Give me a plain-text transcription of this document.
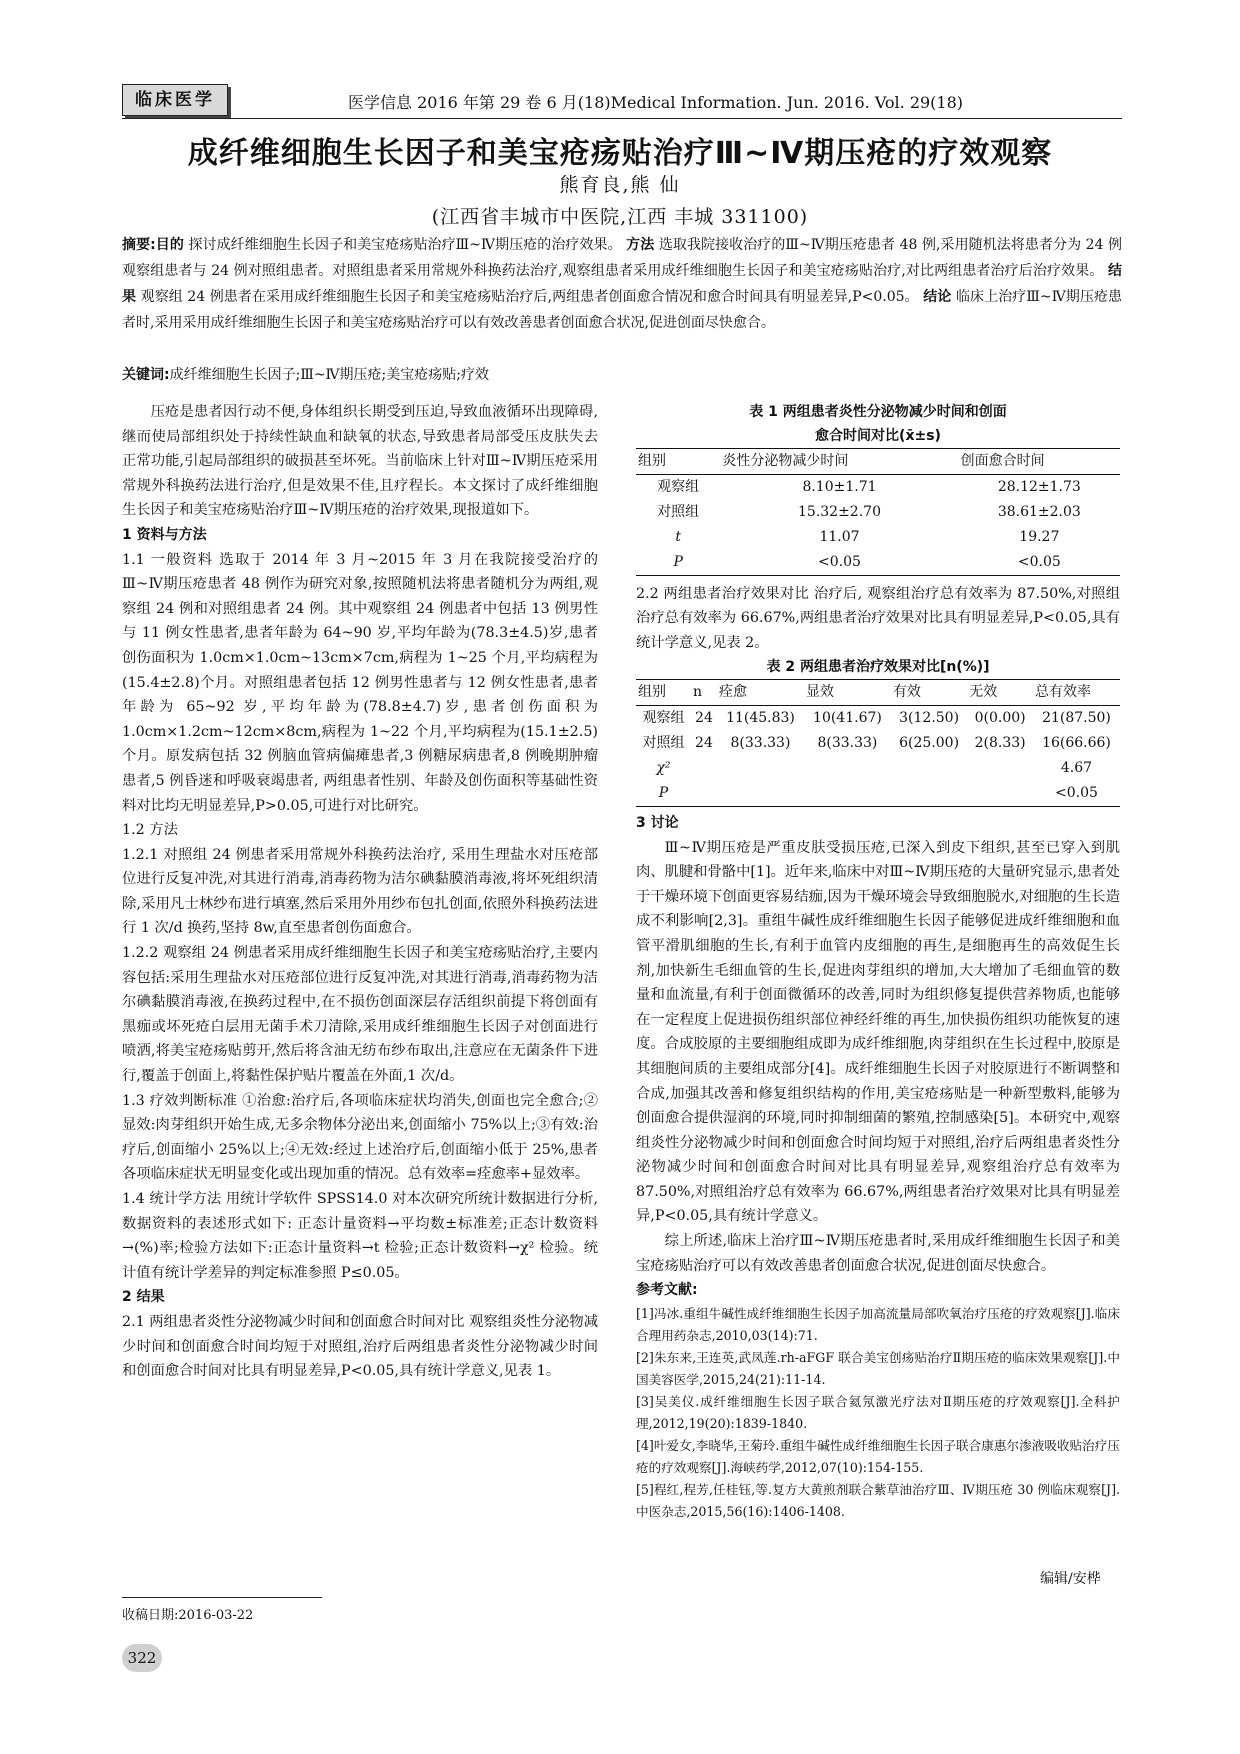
临床医学	医学信息 2016 年第 29 卷 6 月(18)Medical Information. Jun. 2016. Vol. 29(18)
成纤维细胞生长因子和美宝疮疡贴治疗Ⅲ~Ⅳ期压疮的疗效观察
熊育良,熊 仙
(江西省丰城市中医院,江西 丰城 331100)
摘要:目的 探讨成纤维细胞生长因子和美宝疮疡贴治疗Ⅲ~Ⅳ期压疮的治疗效果。 方法 选取我院接收治疗的Ⅲ~Ⅳ期压疮患者 48 例,采用随机法将患者分为 24 例观察组患者与 24 例对照组患者。对照组患者采用常规外科换药法治疗,观察组患者采用成纤维细胞生长因子和美宝疮疡贴治疗,对比两组患者治疗后治疗效果。 结果 观察组 24 例患者在采用成纤维细胞生长因子和美宝疮疡贴治疗后,两组患者创面愈合情况和愈合时间具有明显差异,P<0.05。 结论 临床上治疗Ⅲ~Ⅳ期压疮患者时,采用采用成纤维细胞生长因子和美宝疮疡贴治疗可以有效改善患者创面愈合状况,促进创面尽快愈合。
关键词:成纤维细胞生长因子;Ⅲ~Ⅳ期压疮;美宝疮疡贴;疗效

压疮是患者因行动不便,身体组织长期受到压迫,导致血液循环出现障碍,继而使局部组织处于持续性缺血和缺氧的状态,导致患者局部受压皮肤失去正常功能,引起局部组织的破损甚至坏死。当前临床上针对Ⅲ~Ⅳ期压疮采用常规外科换药法进行治疗,但是效果不佳,且疗程长。本文探讨了成纤维细胞生长因子和美宝疮疡贴治疗Ⅲ~Ⅳ期压疮的治疗效果,现报道如下。

1 资料与方法

1.1 一般资料 选取于 2014 年 3 月~2015 年 3 月在我院接受治疗的Ⅲ~Ⅳ期压疮患者 48 例作为研究对象,按照随机法将患者随机分为两组,观察组 24 例和对照组患者 24 例。其中观察组 24 例患者中包括 13 例男性与 11 例女性患者,患者年龄为 64~90 岁,平均年龄为(78.3±4.5)岁,患者创伤面积为 1.0cm×1.0cm~13cm×7cm,病程为 1~25 个月,平均病程为(15.4±2.8)个月。对照组患者包括 12 例男性患者与 12 例女性患者,患者年龄为 65~92 岁,平均年龄为(78.8±4.7)岁,患者创伤面积为 1.0cm×1.2cm~12cm×8cm,病程为 1~22 个月,平均病程为(15.1±2.5)个月。原发病包括 32 例脑血管病偏瘫患者,3 例糖尿病患者,8 例晚期肿瘤患者,5 例昏迷和呼吸衰竭患者, 两组患者性别、年龄及创伤面积等基础性资料对比均无明显差异,P>0.05,可进行对比研究。

1.2 方法

1.2.1 对照组 24 例患者采用常规外科换药法治疗, 采用生理盐水对压疮部位进行反复冲洗,对其进行消毒,消毒药物为洁尔碘黏膜消毒液,将坏死组织清除,采用凡士林纱布进行填塞,然后采用外用纱布包扎创面,依照外科换药法进行 1 次/d 换药,坚持 8w,直至患者创伤面愈合。

1.2.2 观察组 24 例患者采用成纤维细胞生长因子和美宝疮疡贴治疗,主要内容包括:采用生理盐水对压疮部位进行反复冲洗,对其进行消毒,消毒药物为洁尔碘黏膜消毒液,在换药过程中,在不损伤创面深层存活组织前提下将创面有黑痂或坏死疮白层用无菌手术刀清除,采用成纤维细胞生长因子对创面进行喷洒,将美宝疮疡贴剪开,然后将含油无纺布纱布取出,注意应在无菌条件下进行,覆盖于创面上,将黏性保护贴片覆盖在外面,1 次/d。

1.3 疗效判断标准 ①治愈:治疗后,各项临床症状均消失,创面也完全愈合;②显效:肉芽组织开始生成,无多余物体分泌出来,创面缩小 75%以上;③有效:治疗后,创面缩小 25%以上;④无效:经过上述治疗后,创面缩小低于 25%,患者各项临床症状无明显变化或出现加重的情况。总有效率=痊愈率+显效率。

1.4 统计学方法 用统计学软件 SPSS14.0 对本次研究所统计数据进行分析, 数据资料的表述形式如下: 正态计量资料→平均数±标准差;正态计数资料→(%)率;检验方法如下:正态计量资料→t 检验;正态计数资料→χ² 检验。统计值有统计学差异的判定标准参照 P≤0.05。

2 结果

2.1 两组患者炎性分泌物减少时间和创面愈合时间对比 观察组炎性分泌物减少时间和创面愈合时间均短于对照组,治疗后两组患者炎性分泌物减少时间和创面愈合时间对比具有明显差异,P<0.05,具有统计学意义,见表 1。

表 1 两组患者炎性分泌物减少时间和创面
愈合时间对比(x̄±s)
组别	炎性分泌物减少时间	创面愈合时间
观察组	8.10±1.71	28.12±1.73
对照组	15.32±2.70	38.61±2.03
t	11.07	19.27
P	<0.05	<0.05

2.2 两组患者治疗效果对比 治疗后, 观察组治疗总有效率为 87.50%,对照组治疗总有效率为 66.67%,两组患者治疗效果对比具有明显差异,P<0.05,具有统计学意义,见表 2。

表 2 两组患者治疗效果对比[n(%)]
组别	n	痊愈	显效	有效	无效	总有效率
观察组	24	11(45.83)	10(41.67)	3(12.50)	0(0.00)	21(87.50)
对照组	24	8(33.33)	8(33.33)	6(25.00)	2(8.33)	16(66.66)
χ²						4.67
P						<0.05

3 讨论

Ⅲ~Ⅳ期压疮是严重皮肤受损压疮,已深入到皮下组织,甚至已穿入到肌肉、肌腱和骨骼中[1]。近年来,临床中对Ⅲ~Ⅳ期压疮的大量研究显示,患者处于干燥环境下创面更容易结痂,因为干燥环境会导致细胞脱水,对细胞的生长造成不利影响[2,3]。重组牛碱性成纤维细胞生长因子能够促进成纤维细胞和血管平滑肌细胞的生长,有利于血管内皮细胞的再生,是细胞再生的高效促生长剂,加快新生毛细血管的生长,促进肉芽组织的增加,大大增加了毛细血管的数量和血流量,有利于创面微循环的改善,同时为组织修复提供营养物质,也能够在一定程度上促进损伤组织部位神经纤维的再生,加快损伤组织功能恢复的速度。合成胶原的主要细胞组成即为成纤维细胞,肉芽组织在生长过程中,胶原是其细胞间质的主要组成部分[4]。成纤维细胞生长因子对胶原进行不断调整和合成,加强其改善和修复组织结构的作用,美宝疮疡贴是一种新型敷料,能够为创面愈合提供湿润的环境,同时抑制细菌的繁殖,控制感染[5]。本研究中,观察组炎性分泌物减少时间和创面愈合时间均短于对照组,治疗后两组患者炎性分泌物减少时间和创面愈合时间对比具有明显差异,观察组治疗总有效率为 87.50%,对照组治疗总有效率为 66.67%,两组患者治疗效果对比具有明显差异,P<0.05,具有统计学意义。

综上所述,临床上治疗Ⅲ~Ⅳ期压疮患者时,采用成纤维细胞生长因子和美宝疮疡贴治疗可以有效改善患者创面愈合状况,促进创面尽快愈合。

参考文献:

[1]冯冰.重组牛碱性成纤维细胞生长因子加高流量局部吹氧治疗压疮的疗效观察[J].临床合理用药杂志,2010,03(14):71.

[2]朱东来,王连英,武凤莲.rh-aFGF 联合美宝创疡贴治疗Ⅱ期压疮的临床效果观察[J].中国美容医学,2015,24(21):11-14.

[3]吴美仪.成纤维细胞生长因子联合氦氖激光疗法对Ⅱ期压疮的疗效观察[J].全科护理,2012,19(20):1839-1840.

[4]叶爱女,李晓华,王菊玲.重组牛碱性成纤维细胞生长因子联合康惠尔渗液吸收贴治疗压疮的疗效观察[J].海峡药学,2012,07(10):154-155.

[5]程红,程芳,任桂钰,等.复方大黄煎剂联合紫草油治疗Ⅲ、Ⅳ期压疮 30 例临床观察[J].中医杂志,2015,56(16):1406-1408.

编辑/安桦
收稿日期:2016-03-22
322
